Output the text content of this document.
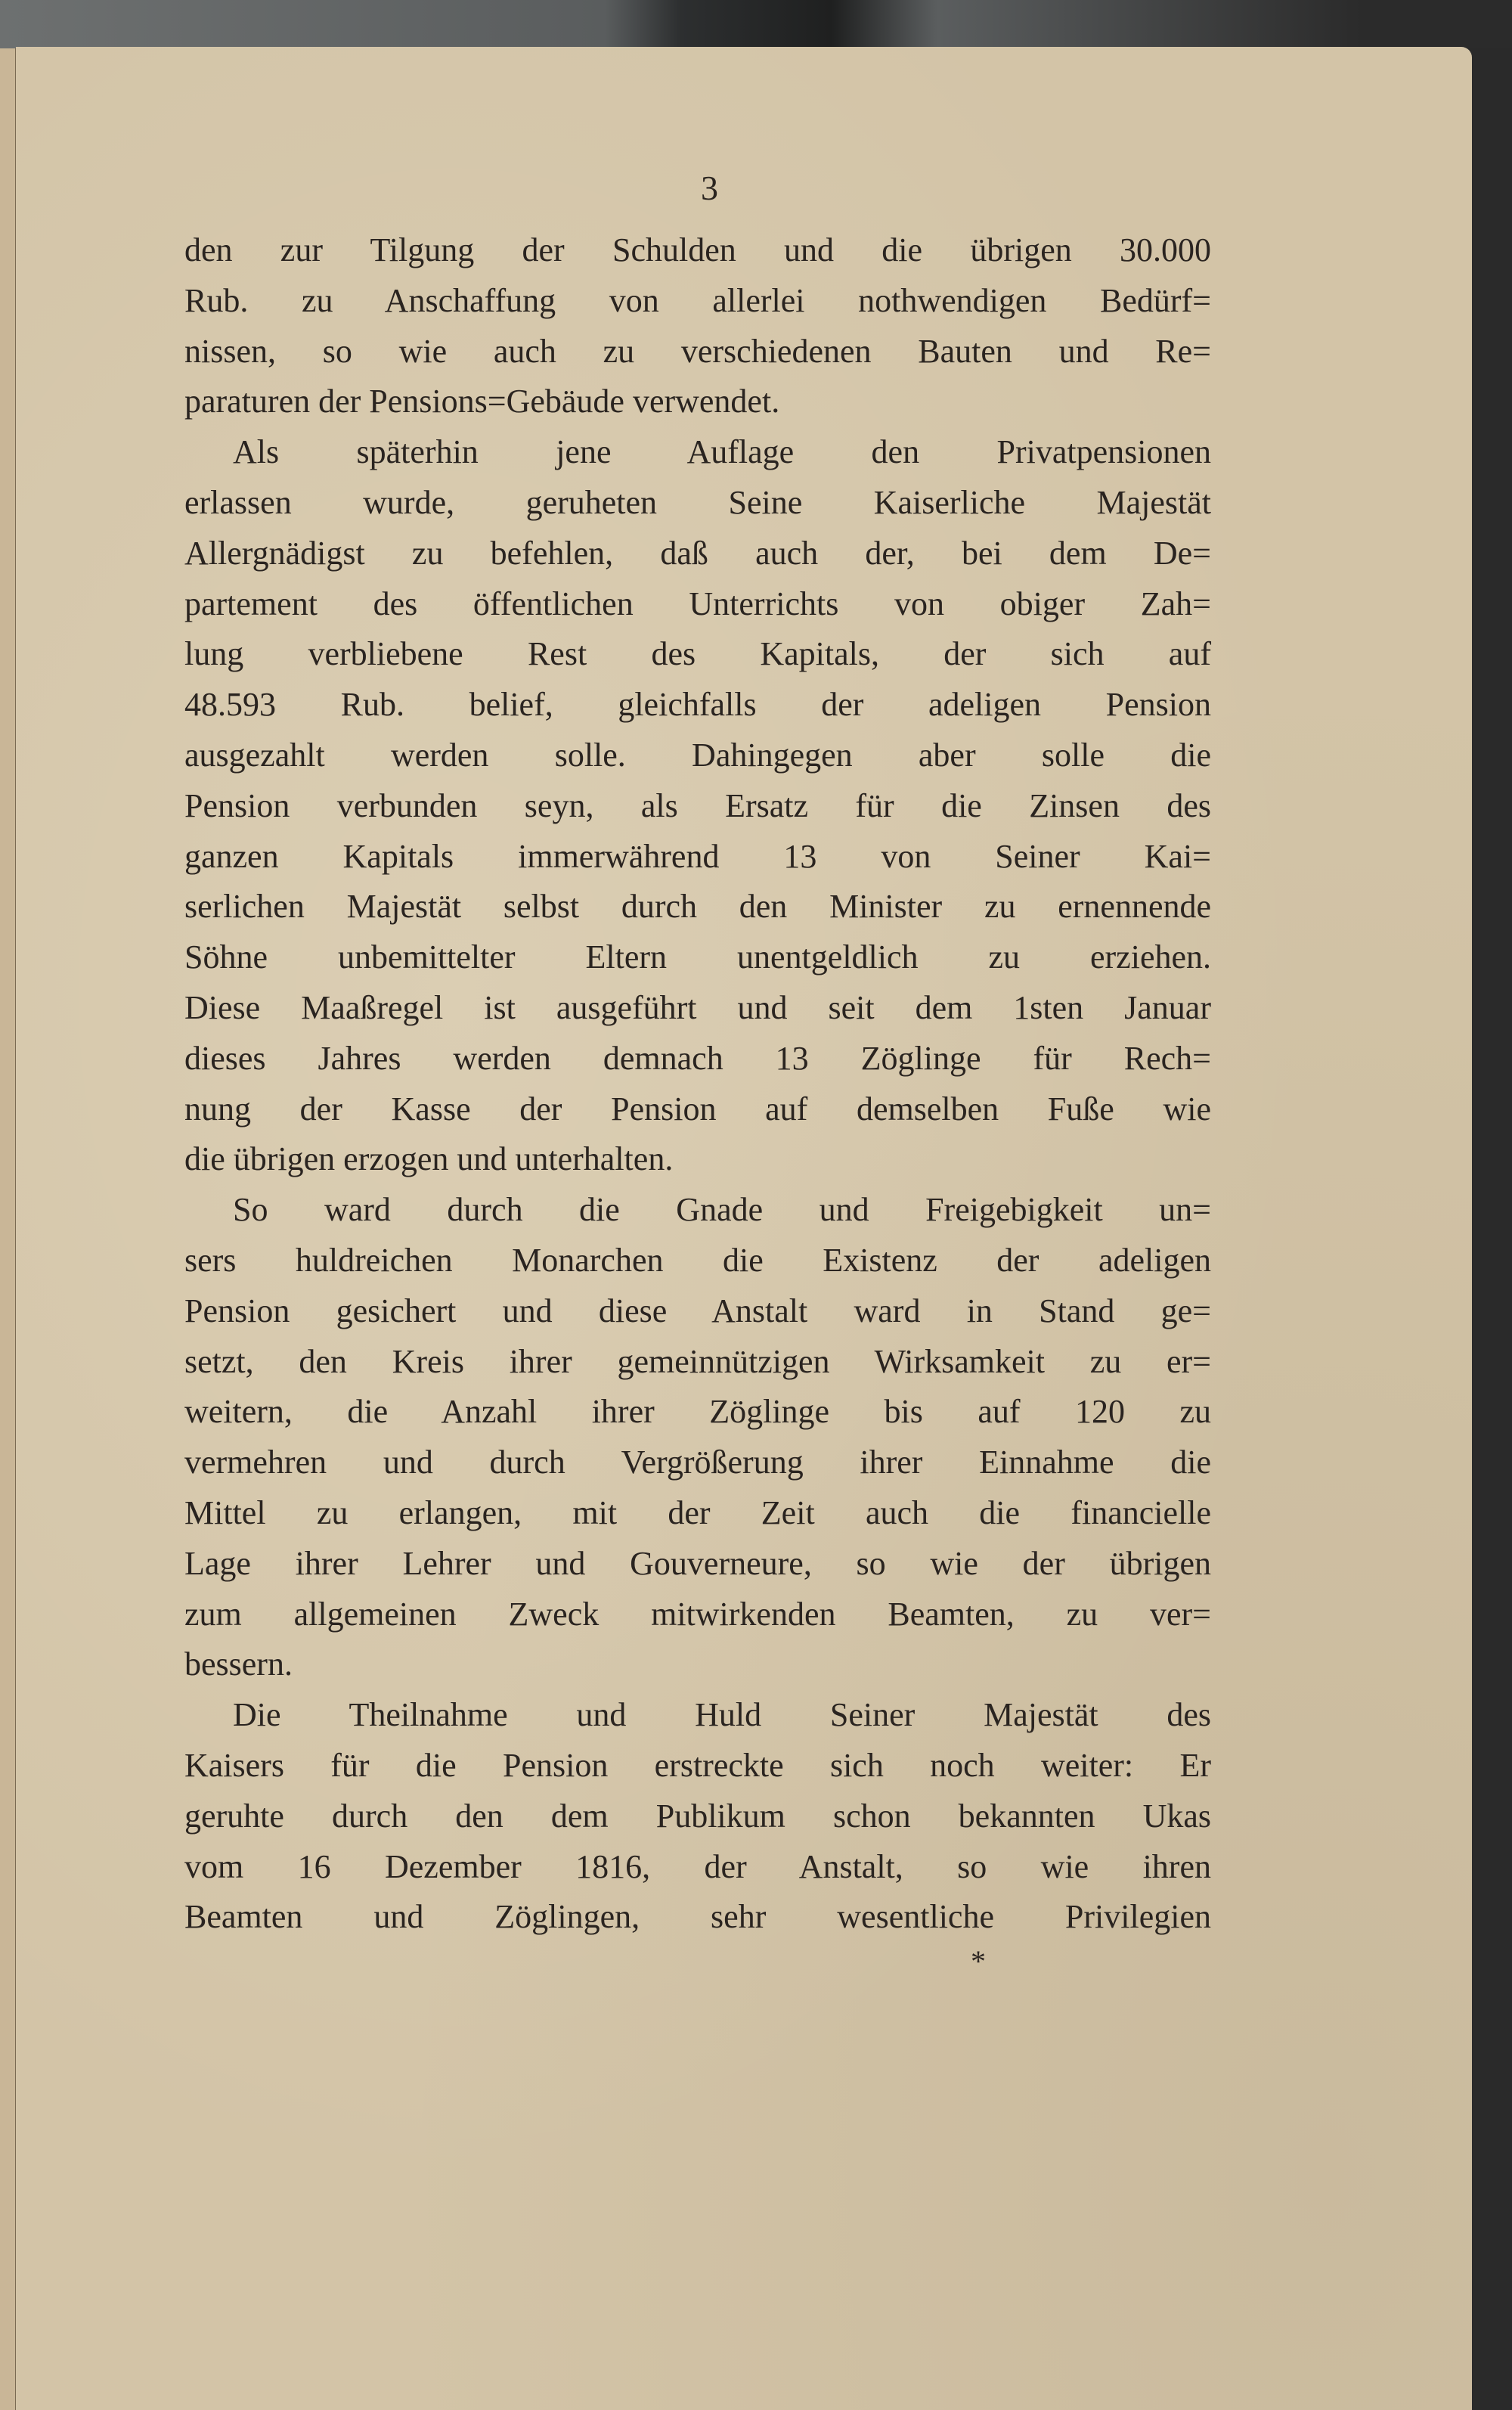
3
den zur Tilgung der Schulden und die übrigen 30.000
Rub. zu Anschaffung von allerlei nothwendigen Bedürf=
nissen, so wie auch zu verschiedenen Bauten und Re=
paraturen der Pensions=Gebäude verwendet.
Als späterhin jene Auflage den Privatpensionen
erlassen wurde, geruheten Seine Kaiserliche Majestät
Allergnädigst zu befehlen, daß auch der, bei dem De=
partement des öffentlichen Unterrichts von obiger Zah=
lung verbliebene Rest des Kapitals, der sich auf
48.593 Rub. belief, gleichfalls der adeligen Pension
ausgezahlt werden solle. Dahingegen aber solle die
Pension verbunden seyn, als Ersatz für die Zinsen des
ganzen Kapitals immerwährend 13 von Seiner Kai=
serlichen Majestät selbst durch den Minister zu ernennende
Söhne unbemittelter Eltern unentgeldlich zu erziehen.
Diese Maaßregel ist ausgeführt und seit dem 1sten Januar
dieses Jahres werden demnach 13 Zöglinge für Rech=
nung der Kasse der Pension auf demselben Fuße wie
die übrigen erzogen und unterhalten.
So ward durch die Gnade und Freigebigkeit un=
sers huldreichen Monarchen die Existenz der adeligen
Pension gesichert und diese Anstalt ward in Stand ge=
setzt, den Kreis ihrer gemeinnützigen Wirksamkeit zu er=
weitern, die Anzahl ihrer Zöglinge bis auf 120 zu
vermehren und durch Vergrößerung ihrer Einnahme die
Mittel zu erlangen, mit der Zeit auch die financielle
Lage ihrer Lehrer und Gouverneure, so wie der übrigen
zum allgemeinen Zweck mitwirkenden Beamten, zu ver=
bessern.
Die Theilnahme und Huld Seiner Majestät des
Kaisers für die Pension erstreckte sich noch weiter: Er
geruhte durch den dem Publikum schon bekannten Ukas
vom 16 Dezember 1816, der Anstalt, so wie ihren
Beamten und Zöglingen, sehr wesentliche Privilegien
*
